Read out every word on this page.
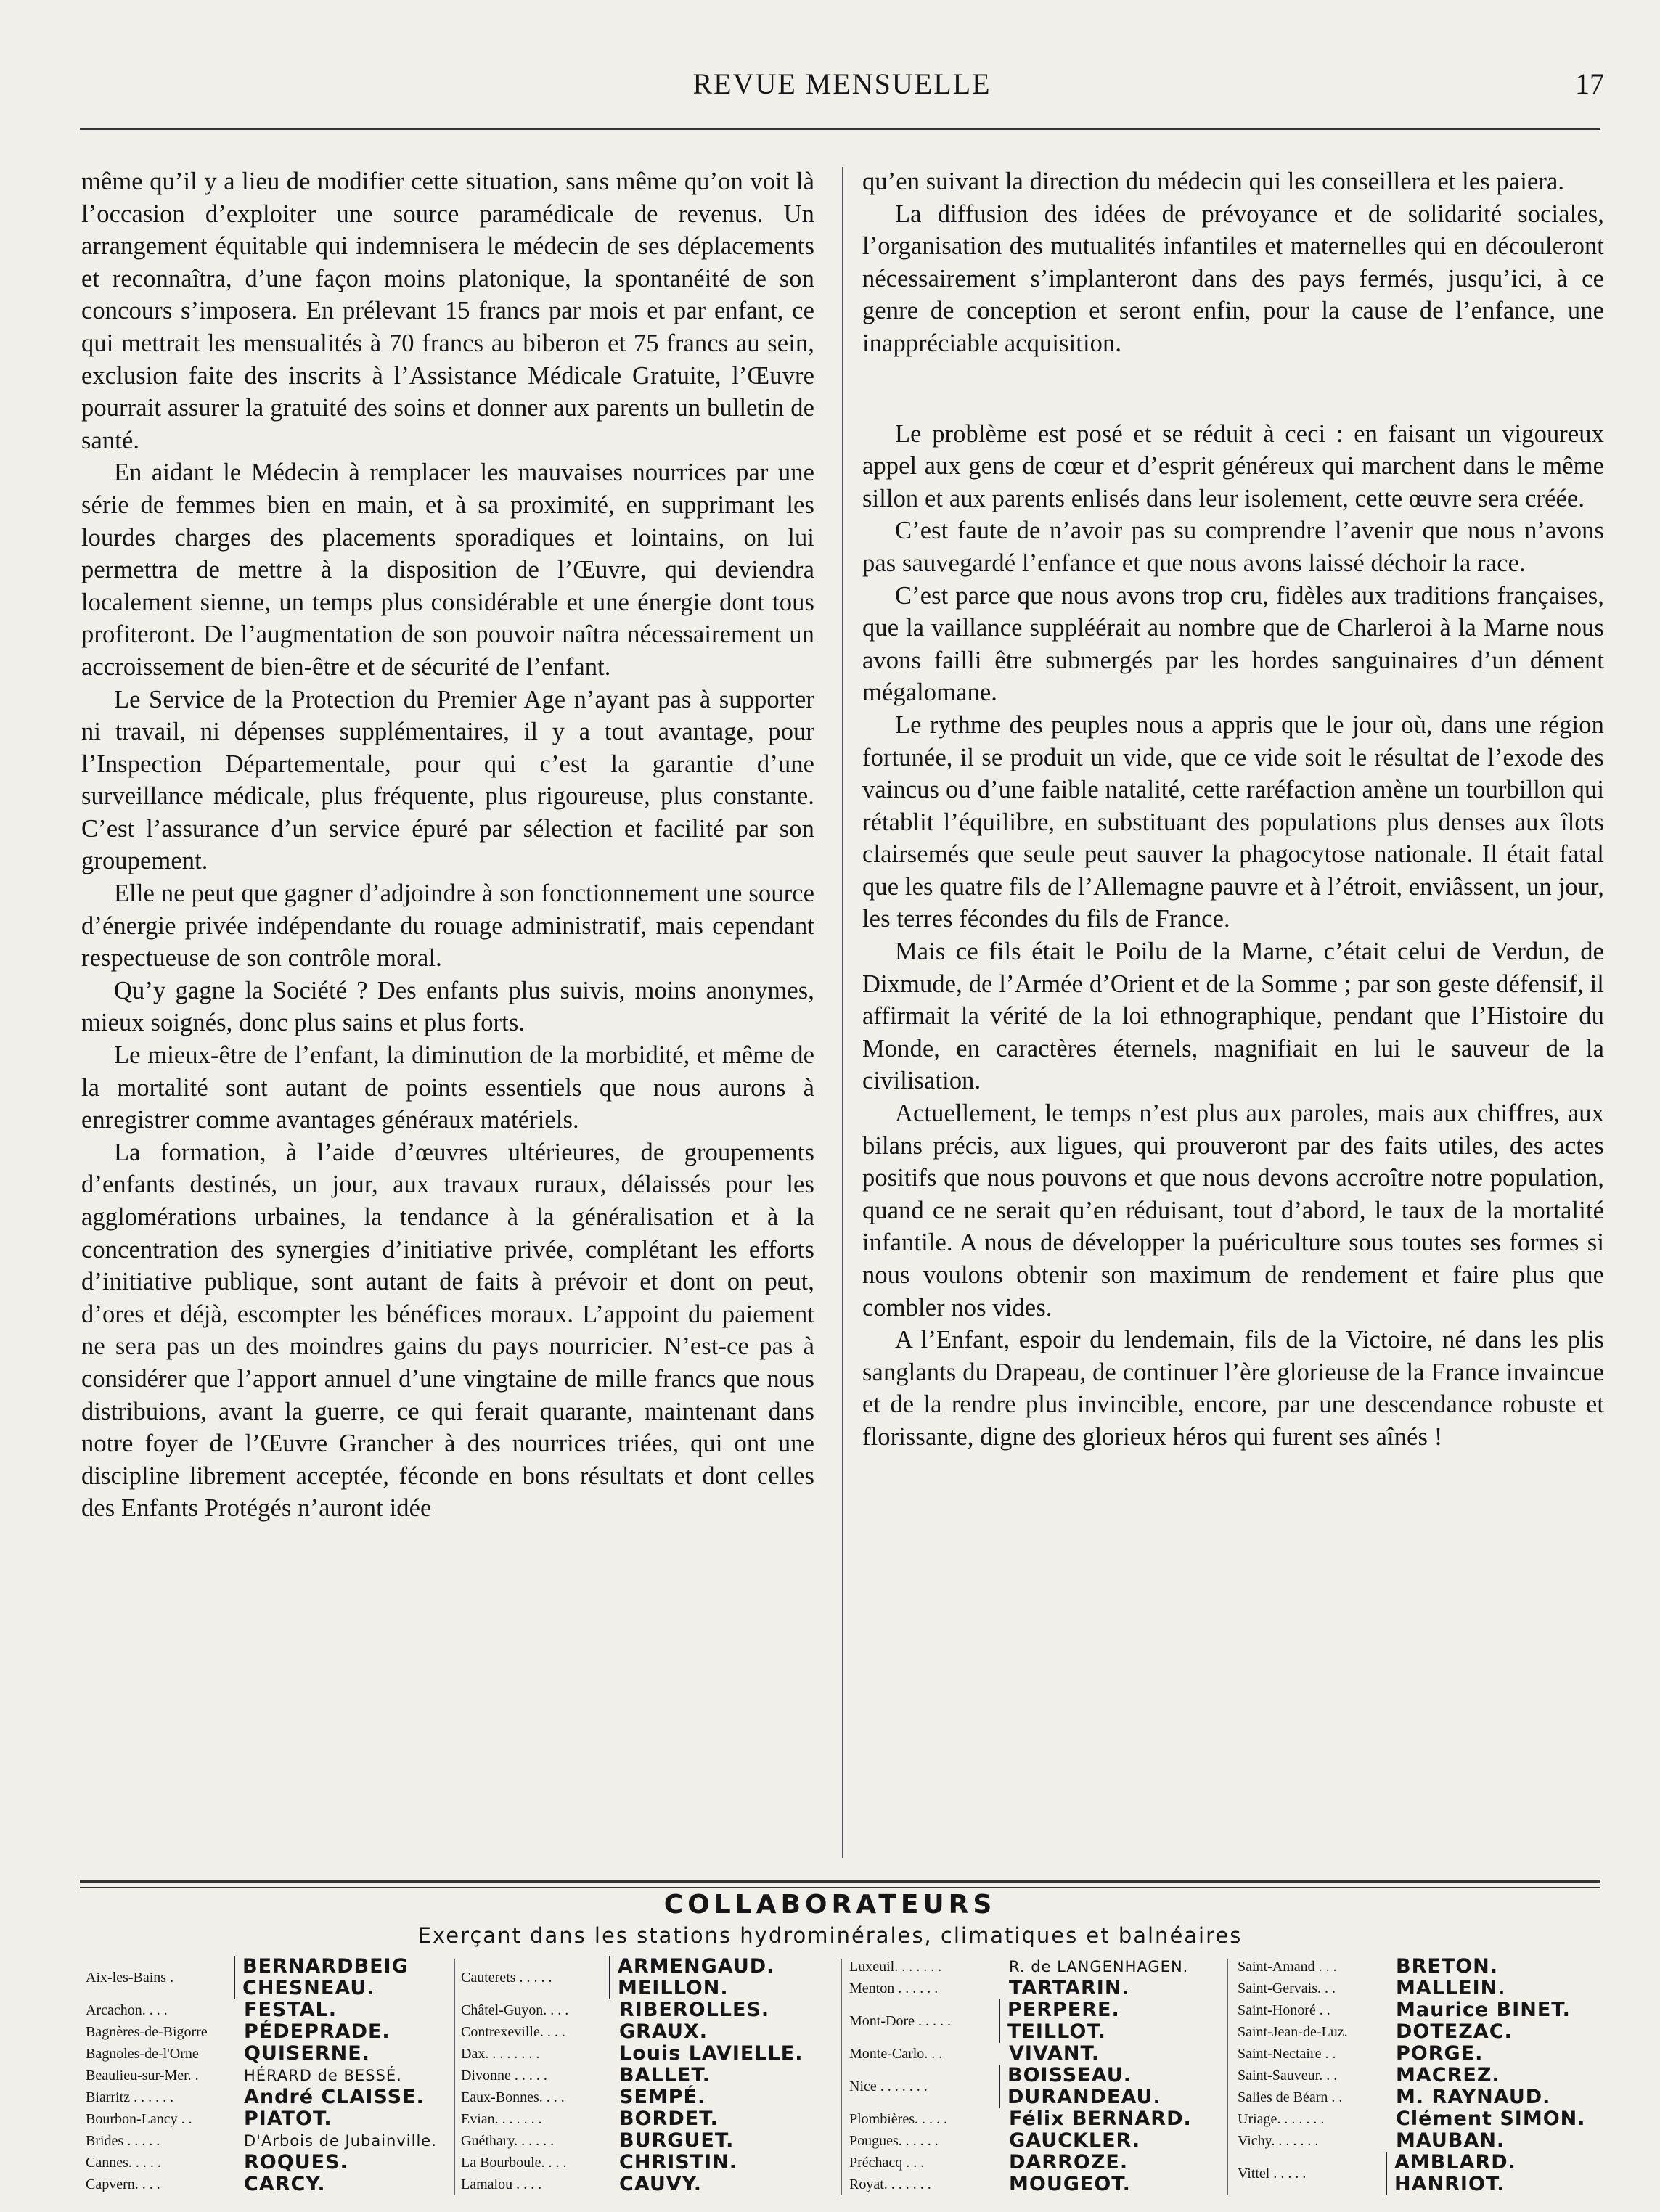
REVUE MENSUELLE	17

même qu’il y a lieu de modifier cette situation, sans même qu’on voit là l’occasion d’exploiter une source paramédicale de revenus. Un arrangement équitable qui indemnisera le médecin de ses déplacements et reconnaîtra, d’une façon moins platonique, la spontanéité de son concours s’imposera. En prélevant 15 francs par mois et par enfant, ce qui mettrait les mensualités à 70 francs au biberon et 75 francs au sein, exclusion faite des inscrits à l’Assistance Médicale Gratuite, l’Œuvre pourrait assurer la gratuité des soins et donner aux parents un bulletin de santé.

En aidant le Médecin à remplacer les mauvaises nourrices par une série de femmes bien en main, et à sa proximité, en supprimant les lourdes charges des placements sporadiques et lointains, on lui permettra de mettre à la disposition de l’Œuvre, qui deviendra localement sienne, un temps plus considérable et une énergie dont tous profiteront. De l’augmentation de son pouvoir naîtra nécessairement un accroissement de bien-être et de sécurité de l’enfant.

Le Service de la Protection du Premier Age n’ayant pas à supporter ni travail, ni dépenses supplémentaires, il y a tout avantage, pour l’Inspection Départementale, pour qui c’est la garantie d’une surveillance médicale, plus fréquente, plus rigoureuse, plus constante. C’est l’assurance d’un service épuré par sélection et facilité par son groupement.

Elle ne peut que gagner d’adjoindre à son fonctionnement une source d’énergie privée indépendante du rouage administratif, mais cependant respectueuse de son contrôle moral.

Qu’y gagne la Société ? Des enfants plus suivis, moins anonymes, mieux soignés, donc plus sains et plus forts.

Le mieux-être de l’enfant, la diminution de la morbidité, et même de la mortalité sont autant de points essentiels que nous aurons à enregistrer comme avantages généraux matériels.

La formation, à l’aide d’œuvres ultérieures, de groupements d’enfants destinés, un jour, aux travaux ruraux, délaissés pour les agglomérations urbaines, la tendance à la généralisation et à la concentration des synergies d’initiative privée, complétant les efforts d’initiative publique, sont autant de faits à prévoir et dont on peut, d’ores et déjà, escompter les bénéfices moraux. L’appoint du paiement ne sera pas un des moindres gains du pays nourricier. N’est-ce pas à considérer que l’apport annuel d’une vingtaine de mille francs que nous distribuions, avant la guerre, ce qui ferait quarante, maintenant dans notre foyer de l’Œuvre Grancher à des nourrices triées, qui ont une discipline librement acceptée, féconde en bons résultats et dont celles des Enfants Protégés n’auront idée

qu’en suivant la direction du médecin qui les conseillera et les paiera.

La diffusion des idées de prévoyance et de solidarité sociales, l’organisation des mutualités infantiles et maternelles qui en découleront nécessairement s’implanteront dans des pays fermés, jusqu’ici, à ce genre de conception et seront enfin, pour la cause de l’enfance, une inappréciable acquisition.

Le problème est posé et se réduit à ceci : en faisant un vigoureux appel aux gens de cœur et d’esprit généreux qui marchent dans le même sillon et aux parents enlisés dans leur isolement, cette œuvre sera créée.

C’est faute de n’avoir pas su comprendre l’avenir que nous n’avons pas sauvegardé l’enfance et que nous avons laissé déchoir la race.

C’est parce que nous avons trop cru, fidèles aux traditions françaises, que la vaillance suppléérait au nombre que de Charleroi à la Marne nous avons failli être submergés par les hordes sanguinaires d’un dément mégalomane.

Le rythme des peuples nous a appris que le jour où, dans une région fortunée, il se produit un vide, que ce vide soit le résultat de l’exode des vaincus ou d’une faible natalité, cette raréfaction amène un tourbillon qui rétablit l’équilibre, en substituant des populations plus denses aux îlots clairsemés que seule peut sauver la phagocytose nationale. Il était fatal que les quatre fils de l’Allemagne pauvre et à l’étroit, enviâssent, un jour, les terres fécondes du fils de France.

Mais ce fils était le Poilu de la Marne, c’était celui de Verdun, de Dixmude, de l’Armée d’Orient et de la Somme ; par son geste défensif, il affirmait la vérité de la loi ethnographique, pendant que l’Histoire du Monde, en caractères éternels, magnifiait en lui le sauveur de la civilisation.

Actuellement, le temps n’est plus aux paroles, mais aux chiffres, aux bilans précis, aux ligues, qui prouveront par des faits utiles, des actes positifs que nous pouvons et que nous devons accroître notre population, quand ce ne serait qu’en réduisant, tout d’abord, le taux de la mortalité infantile. A nous de développer la puériculture sous toutes ses formes si nous voulons obtenir son maximum de rendement et faire plus que combler nos vides.

A l’Enfant, espoir du lendemain, fils de la Victoire, né dans les plis sanglants du Drapeau, de continuer l’ère glorieuse de la France invaincue et de la rendre plus invincible, encore, par une descendance robuste et florissante, digne des glorieux héros qui furent ses aînés !

COLLABORATEURS
Exerçant dans les stations hydrominérales, climatiques et balnéaires
Aix-les-Bains .	BERNARDBEIG
CHESNEAU.
Arcachon. . . .	FESTAL.
Bagnères-de-Bigorre	PÉDEPRADE.
Bagnoles-de-l'Orne	QUISERNE.
Beaulieu-sur-Mer. .	HÉRARD de BESSÉ.
Biarritz . . . . . .	André CLAISSE.
Bourbon-Lancy . .	PIATOT.
Brides . . . . .	D'Arbois de Jubainville.
Cannes. . . . .	ROQUES.
Capvern. . . .	CARCY.
Cauterets . . . . .	ARMENGAUD.
MEILLON.
Châtel-Guyon. . . .	RIBEROLLES.
Contrexeville. . . .	GRAUX.
Dax. . . . . . . .	Louis LAVIELLE.
Divonne . . . . .	BALLET.
Eaux-Bonnes. . . .	SEMPÉ.
Evian. . . . . . .	BORDET.
Guéthary. . . . . .	BURGUET.
La Bourboule. . . .	CHRISTIN.
Lamalou . . . .	CAUVY.
Luxeuil. . . . . . .	R. de LANGENHAGEN.
Menton . . . . . .	TARTARIN.
Mont-Dore . . . . .	PERPERE.
TEILLOT.
Monte-Carlo. . .	VIVANT.
Nice . . . . . . .	BOISSEAU.
DURANDEAU.
Plombières. . . . .	Félix BERNARD.
Pougues. . . . . .	GAUCKLER.
Préchacq . . .	DARROZE.
Royat. . . . . . .	MOUGEOT.
Saint-Amand . . .	BRETON.
Saint-Gervais. . .	MALLEIN.
Saint-Honoré . .	Maurice BINET.
Saint-Jean-de-Luz.	DOTEZAC.
Saint-Nectaire . .	PORGE.
Saint-Sauveur. . .	MACREZ.
Salies de Béarn . .	M. RAYNAUD.
Uriage. . . . . . .	Clément SIMON.
Vichy. . . . . . .	MAUBAN.
Vittel . . . . .	AMBLARD.
HANRIOT.
